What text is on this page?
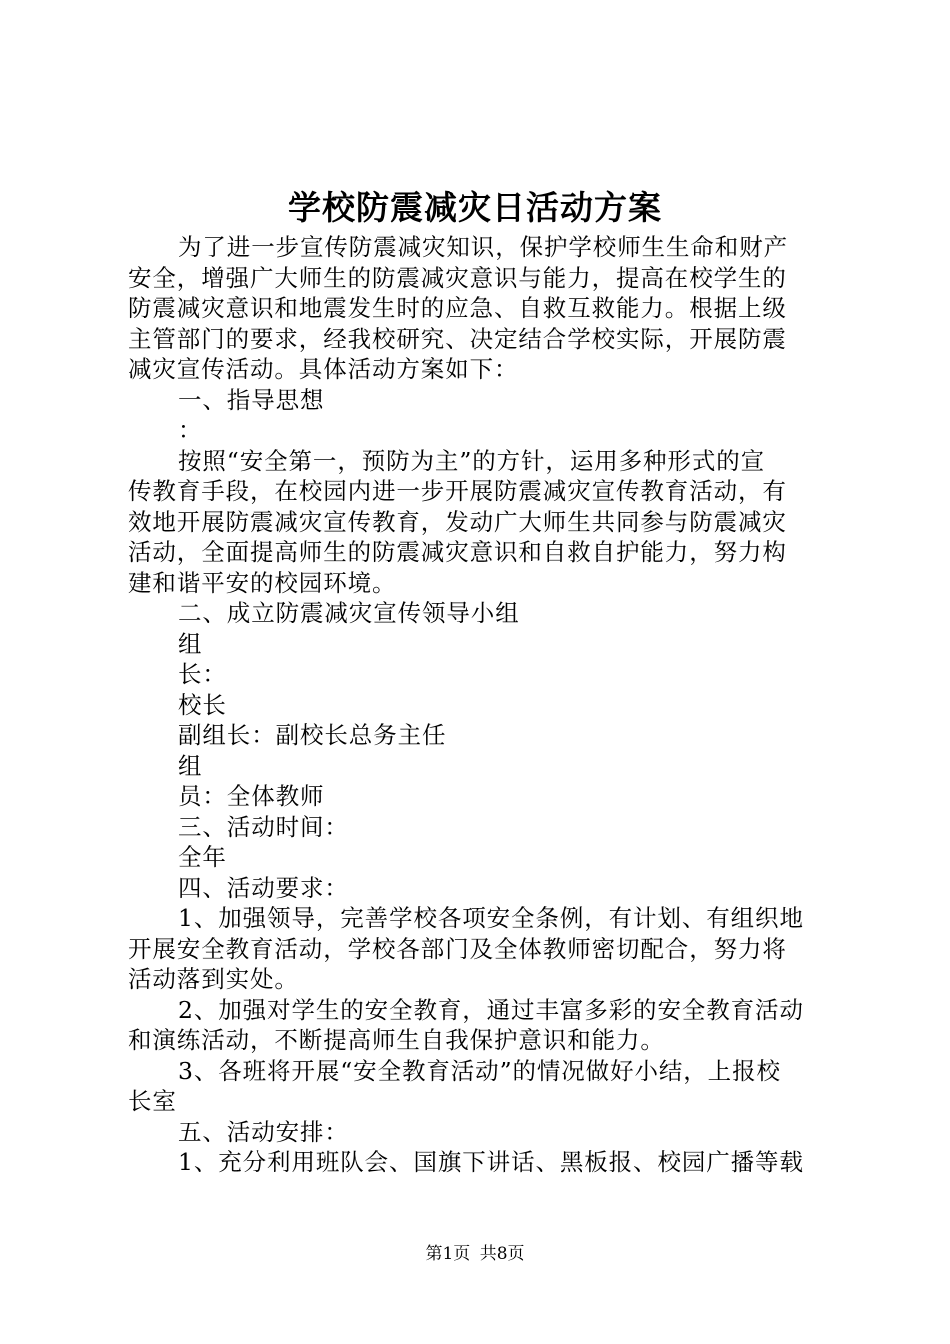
学校防震减灾日活动方案
为了进一步宣传防震减灾知识，保护学校师生生命和财产
安全，增强广大师生的防震减灾意识与能力，提高在校学生的
防震减灾意识和地震发生时的应急、自救互救能力。根据上级
主管部门的要求，经我校研究、决定结合学校实际，开展防震
减灾宣传活动。具体活动方案如下：
一、指导思想
：
按照“安全第一，预防为主”的方针，运用多种形式的宣
传教育手段，在校园内进一步开展防震减灾宣传教育活动，有
效地开展防震减灾宣传教育，发动广大师生共同参与防震减灾
活动，全面提高师生的防震减灾意识和自救自护能力，努力构
建和谐平安的校园环境。
二、成立防震减灾宣传领导小组
组
长：
校长
副组长：副校长总务主任
组
员：全体教师
三、活动时间：
全年
四、活动要求：
1、加强领导，完善学校各项安全条例，有计划、有组织地
开展安全教育活动，学校各部门及全体教师密切配合，努力将
活动落到实处。
2、加强对学生的安全教育，通过丰富多彩的安全教育活动
和演练活动，不断提高师生自我保护意识和能力。
3、各班将开展“安全教育活动”的情况做好小结，上报校
长室
五、活动安排：
1、充分利用班队会、国旗下讲话、黑板报、校园广播等载
第1页 共8页
